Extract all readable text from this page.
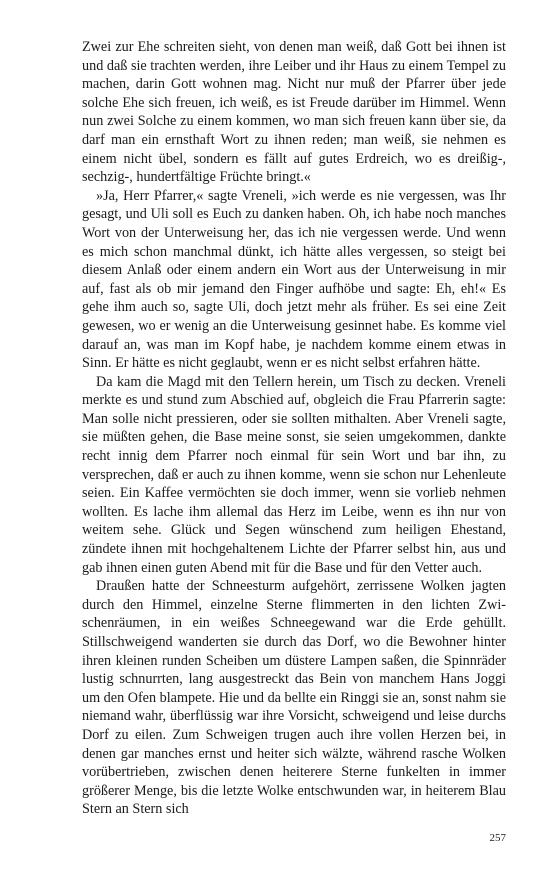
Zwei zur Ehe schreiten sieht, von denen man weiß, daß Gott bei ihnen ist und daß sie trachten werden, ihre Leiber und ihr Haus zu einem Tempel zu machen, darin Gott wohnen mag. Nicht nur muß der Pfarrer über jede solche Ehe sich freuen, ich weiß, es ist Freude darüber im Himmel. Wenn nun zwei Solche zu einem kommen, wo man sich freuen kann über sie, da darf man ein ernsthaft Wort zu ihnen reden; man weiß, sie nehmen es einem nicht übel, sondern es fällt auf gutes Erdreich, wo es dreißig-, sechzig-, hundertfältige Früchte bringt.«

»Ja, Herr Pfarrer,« sagte Vreneli, »ich werde es nie vergessen, was Ihr gesagt, und Uli soll es Euch zu danken haben. Oh, ich habe noch manches Wort von der Unterweisung her, das ich nie vergessen werde. Und wenn es mich schon manchmal dünkt, ich hätte alles vergessen, so steigt bei diesem Anlaß oder einem andern ein Wort aus der Unterweisung in mir auf, fast als ob mir jemand den Finger aufhöbe und sagte: Eh, eh!« Es gehe ihm auch so, sagte Uli, doch jetzt mehr als früher. Es sei eine Zeit gewesen, wo er wenig an die Unterweisung gesinnet habe. Es komme viel darauf an, was man im Kopf habe, je nachdem komme einem etwas in Sinn. Er hätte es nicht geglaubt, wenn er es nicht selbst erfahren hätte.

Da kam die Magd mit den Tellern herein, um Tisch zu decken. Vreneli merkte es und stund zum Abschied auf, obgleich die Frau Pfarrerin sagte: Man solle nicht pressieren, oder sie sollten mithalten. Aber Vreneli sagte, sie müßten gehen, die Base meine sonst, sie seien umgekommen, dankte recht innig dem Pfarrer noch einmal für sein Wort und bar ihn, zu versprechen, daß er auch zu ihnen komme, wenn sie schon nur Lehenleute seien. Ein Kaffee vermöchten sie doch immer, wenn sie vorlieb nehmen wollten. Es lache ihm allemal das Herz im Leibe, wenn es ihn nur von weitem sehe. Glück und Segen wünschend zum heiligen Ehestand, zündete ihnen mit hochgehaltenem Lichte der Pfarrer selbst hin, aus und gab ihnen einen guten Abend mit für die Base und für den Vetter auch.

Draußen hatte der Schneesturm aufgehört, zerrissene Wolken jagten durch den Himmel, einzelne Sterne flimmerten in den lichten Zwischenräumen, in ein weißes Schneegewand war die Erde gehüllt. Stillschweigend wanderten sie durch das Dorf, wo die Bewohner hinter ihren kleinen runden Scheiben um düstere Lampen saßen, die Spinnräder lustig schnurrten, lang ausgestreckt das Bein von manchem Hans Joggi um den Ofen blampete. Hie und da bellte ein Ringgi sie an, sonst nahm sie niemand wahr, überflüssig war ihre Vorsicht, schweigend und leise durchs Dorf zu eilen. Zum Schweigen trugen auch ihre vollen Herzen bei, in denen gar manches ernst und heiter sich wälzte, während rasche Wolken vorübertrieben, zwischen denen heiterere Sterne funkelten in immer größerer Menge, bis die letzte Wolke entschwunden war, in heiterem Blau Stern an Stern sich

257
